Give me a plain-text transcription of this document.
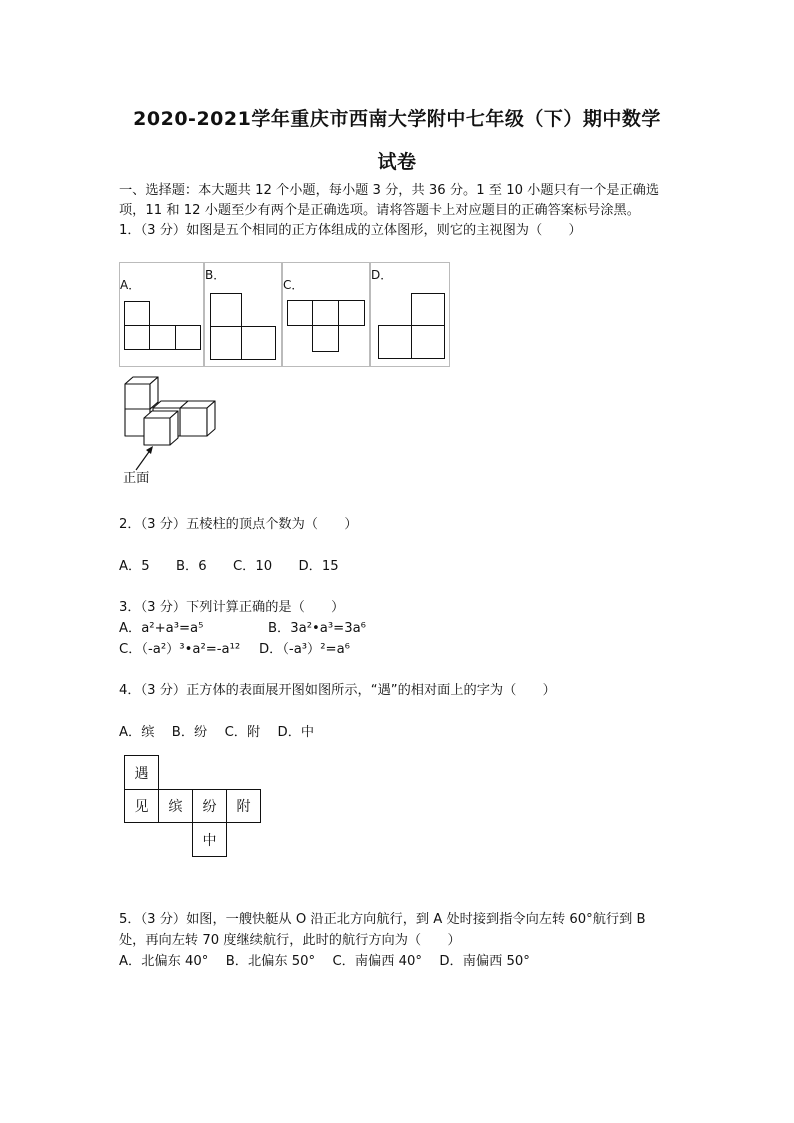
2020-2021学年重庆市西南大学附中七年级（下）期中数学
试卷
一、选择题：本大题共 12 个小题，每小题 3 分，共 36 分。1 至 10 小题只有一个是正确选
项，11 和 12 小题至少有两个是正确选项。请将答题卡上对应题目的正确答案标号涂黑。
1．（3 分）如图是五个相同的正方体组成的立体图形，则它的主视图为（　　）
A．
B．
C．
D．
正面
2．（3 分）五棱柱的顶点个数为（　　）
A．5　　B．6　　C．10　　D．15
3．（3 分）下列计算正确的是（　　）
A．a²+a³=a⁵	B．3a²•a³=3a⁶
C．（-a²）³•a²=-a¹² D．（-a³）²=a⁶
4．（3 分）正方体的表面展开图如图所示，“遇”的相对面上的字为（　　）
A．缤　 B．纷　 C．附　 D．中
遇
见	缤	纷	附
中
5．（3 分）如图，一艘快艇从 O 沿正北方向航行，到 A 处时接到指令向左转 60°航行到 B
处，再向左转 70 度继续航行，此时的航行方向为（　　）
A．北偏东 40°　 B．北偏东 50°　 C．南偏西 40°　 D．南偏西 50°
